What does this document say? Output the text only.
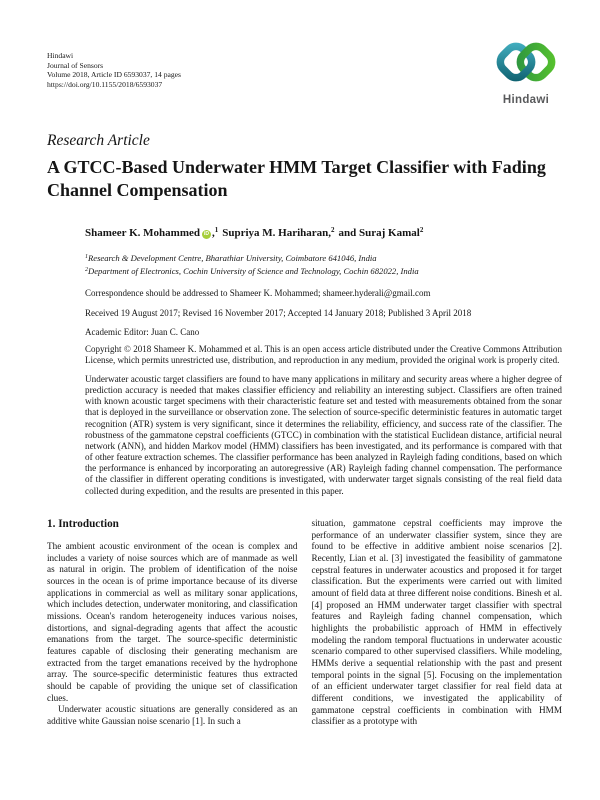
Hindawi
Journal of Sensors
Volume 2018, Article ID 6593037, 14 pages
https://doi.org/10.1155/2018/6593037
Hindawi
Research Article
A GTCC-Based Underwater HMM Target Classifier with Fading Channel Compensation
Shameer K. Mohammed iD ,$^1$ Supriya M. Hariharan,$^2$ and Suraj Kamal$^2$
$^1$Research & Development Centre, Bharathiar University, Coimbatore 641046, India
$^2$Department of Electronics, Cochin University of Science and Technology, Cochin 682022, India
Correspondence should be addressed to Shameer K. Mohammed; shameer.hyderali@gmail.com
Received 19 August 2017; Revised 16 November 2017; Accepted 14 January 2018; Published 3 April 2018
Academic Editor: Juan C. Cano
Copyright © 2018 Shameer K. Mohammed et al. This is an open access article distributed under the Creative Commons Attribution License, which permits unrestricted use, distribution, and reproduction in any medium, provided the original work is properly cited.
Underwater acoustic target classifiers are found to have many applications in military and security areas where a higher degree of prediction accuracy is needed that makes classifier efficiency and reliability an interesting subject. Classifiers are often trained with known acoustic target specimens with their characteristic feature set and tested with measurements obtained from the sonar that is deployed in the surveillance or observation zone. The selection of source-specific deterministic features in automatic target recognition (ATR) system is very significant, since it determines the reliability, efficiency, and success rate of the classifier. The robustness of the gammatone cepstral coefficients (GTCC) in combination with the statistical Euclidean distance, artificial neural network (ANN), and hidden Markov model (HMM) classifiers has been investigated, and its performance is compared with that of other feature extraction schemes. The classifier performance has been analyzed in Rayleigh fading conditions, based on which the performance is enhanced by incorporating an autoregressive (AR) Rayleigh fading channel compensation. The performance of the classifier in different operating conditions is investigated, with underwater target signals consisting of the real field data collected during expedition, and the results are presented in this paper.
1. Introduction

The ambient acoustic environment of the ocean is complex and includes a variety of noise sources which are of manmade as well as natural in origin. The problem of identification of the noise sources in the ocean is of prime importance because of its diverse applications in commercial as well as military sonar applications, which includes detection, underwater monitoring, and classification missions. Ocean's random heterogeneity induces various noises, distortions, and signal-degrading agents that affect the acoustic emanations from the target. The source-specific deterministic features capable of disclosing their generating mechanism are extracted from the target emanations received by the hydrophone array. The source-specific deterministic features thus extracted should be capable of providing the unique set of classification clues.

Underwater acoustic situations are generally considered as an additive white Gaussian noise scenario [1]. In such a

situation, gammatone cepstral coefficients may improve the performance of an underwater classifier system, since they are found to be effective in additive ambient noise scenarios [2]. Recently, Lian et al. [3] investigated the feasibility of gammatone cepstral features in underwater acoustics and proposed it for target classification. But the experiments were carried out with limited amount of field data at three different noise conditions. Binesh et al. [4] proposed an HMM underwater target classifier with spectral features and Rayleigh fading channel compensation, which highlights the probabilistic approach of HMM in effectively modeling the random temporal fluctuations in underwater acoustic scenario compared to other supervised classifiers. While modeling, HMMs derive a sequential relationship with the past and present temporal points in the signal [5]. Focusing on the implementation of an efficient underwater target classifier for real field data at different conditions, we investigated the applicability of gammatone cepstral coefficients in combination with HMM classifier as a prototype with
